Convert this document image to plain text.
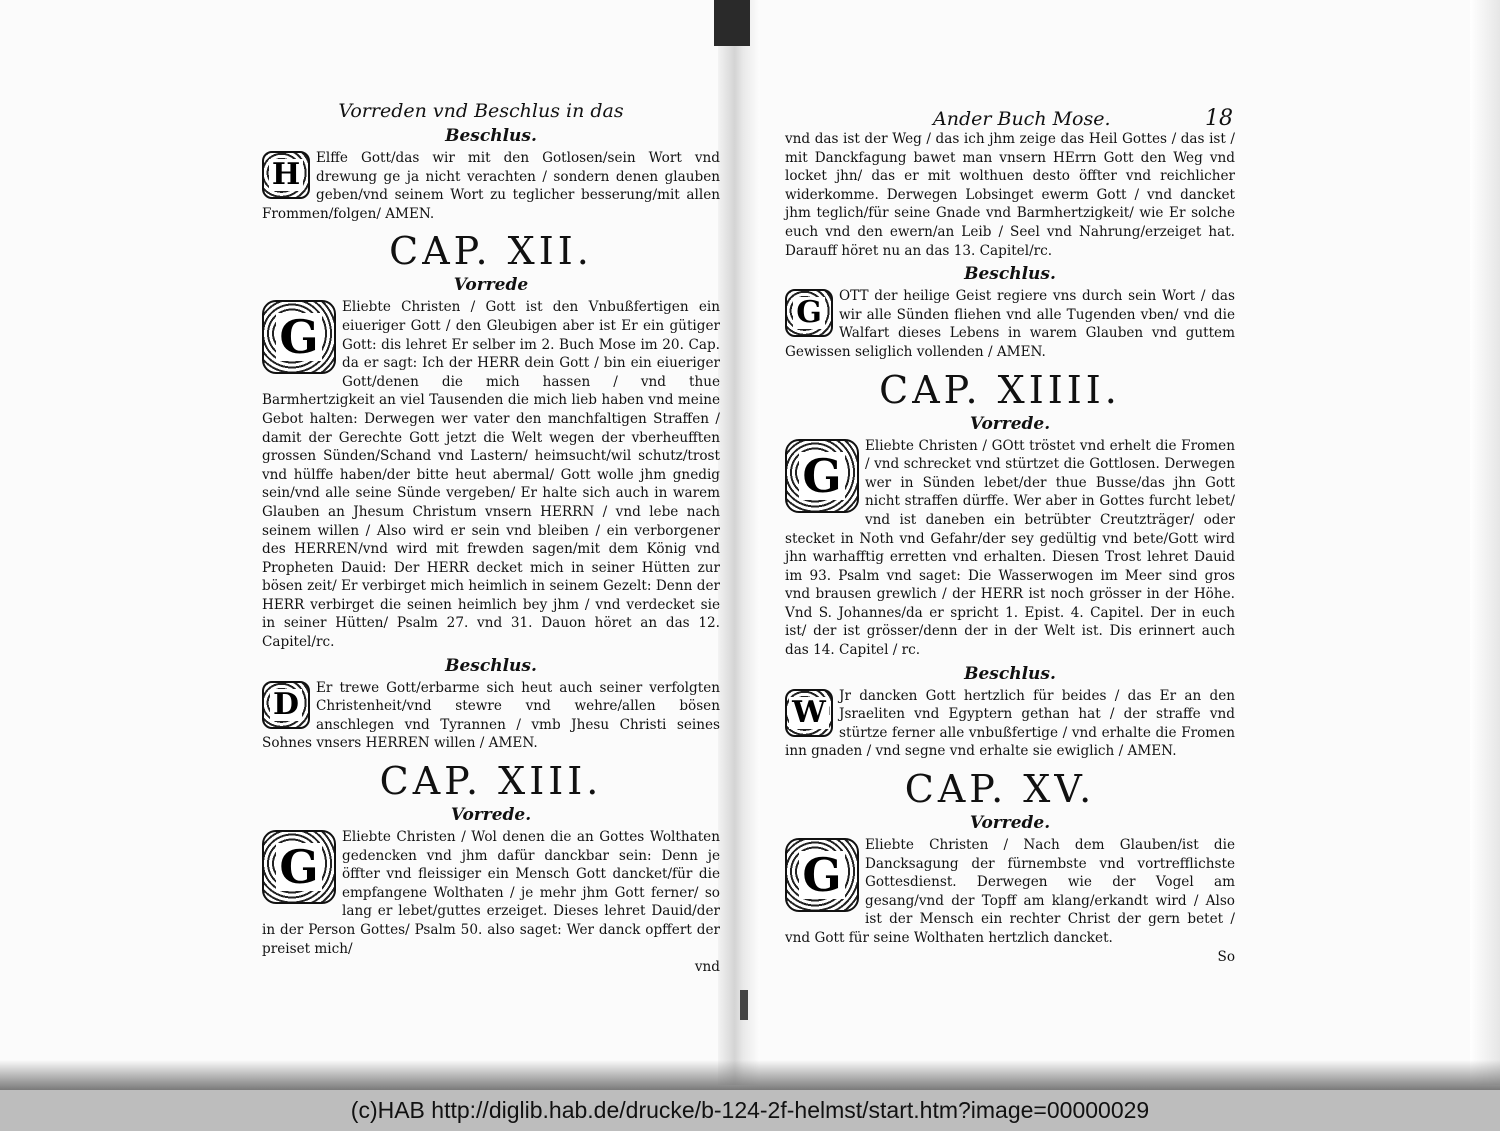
Vorreden vnd Beschlus in das
Beschlus.

H Elffe Gott/das wir mit den Gotlosen/sein Wort vnd drewung ge ja nicht verachten / sondern denen glauben geben/vnd seinem Wort zu teglicher besserung/mit allen Frommen/folgen/ AMEN.

CAP. XII.
Vorrede

G
Eliebte Christen / Gott ist den Vnbußfertigen ein eiueriger Gott / den Gleubigen aber ist Er ein gütiger Gott: dis lehret Er selber im 2. Buch Mose im 20. Cap. da er sagt: Ich der HERR dein Gott / bin ein eiueriger Gott/denen die mich hassen / vnd thue Barmhertzigkeit an viel Tausenden die mich lieb haben vnd meine Gebot halten: Derwegen wer vater den manchfaltigen Straffen / damit der Gerechte Gott jetzt die Welt wegen der vberheufften grossen Sünden/Schand vnd Lastern/ heimsucht/wil schutz/trost vnd hülffe haben/der bitte heut abermal/ Gott wolle jhm gnedig sein/vnd alle seine Sünde vergeben/ Er halte sich auch in warem Glauben an Jhesum Christum vnsern HERRN / vnd lebe nach seinem willen / Also wird er sein vnd bleiben / ein verborgener des HERREN/vnd wird mit frewden sagen/mit dem König vnd Propheten Dauid: Der HERR decket mich in seiner Hütten zur bösen zeit/ Er verbirget mich heimlich in seinem Gezelt: Denn der HERR verbirget die seinen heimlich bey jhm / vnd verdecket sie in seiner Hütten/ Psalm 27. vnd 31. Dauon höret an das 12. Capitel/rc.

Beschlus.

D Er trewe Gott/erbarme sich heut auch seiner verfolgten Christenheit/vnd stewre vnd wehre/allen bösen anschlegen vnd Tyrannen / vmb Jhesu Christi seines Sohnes vnsers HERREN willen / AMEN.

CAP. XIII.
Vorrede.

G
Eliebte Christen / Wol denen die an Gottes Wolthaten gedencken vnd jhm dafür danckbar sein: Denn je öffter vnd fleissiger ein Mensch Gott dancket/für die empfangene Wolthaten / je mehr jhm Gott ferner/ so lang er lebet/guttes erzeiget. Dieses lehret Dauid/der in der Person Gottes/ Psalm 50. also saget: Wer danck opffert der preiset mich/

vnd

Ander Buch Mose.	18

vnd das ist der Weg / das ich jhm zeige das Heil Gottes / das ist / mit Danckfagung bawet man vnsern HErrn Gott den Weg vnd locket jhn/ das er mit wolthuen desto öffter vnd reichlicher widerkomme. Derwegen Lobsinget ewerm Gott / vnd dancket jhm teglich/für seine Gnade vnd Barmhertzigkeit/ wie Er solche euch vnd den ewern/an Leib / Seel vnd Nahrung/erzeiget hat. Darauff höret nu an das 13. Capitel/rc.

Beschlus.

G OTT der heilige Geist regiere vns durch sein Wort / das wir alle Sünden fliehen vnd alle Tugenden vben/ vnd die Walfart dieses Lebens in warem Glauben vnd guttem Gewissen seliglich vollenden / AMEN.

CAP. XIIII.
Vorrede.

G
Eliebte Christen / GOtt tröstet vnd erhelt die Fromen / vnd schrecket vnd stürtzet die Gottlosen. Derwegen wer in Sünden lebet/der thue Busse/das jhn Gott nicht straffen dürffe. Wer aber in Gottes furcht lebet/ vnd ist daneben ein betrübter Creutzträger/ oder stecket in Noth vnd Gefahr/der sey gedültig vnd bete/Gott wird jhn warhafftig erretten vnd erhalten. Diesen Trost lehret Dauid im 93. Psalm vnd saget: Die Wasserwogen im Meer sind gros vnd brausen grewlich / der HERR ist noch grösser in der Höhe. Vnd S. Johannes/da er spricht 1. Epist. 4. Capitel. Der in euch ist/ der ist grösser/denn der in der Welt ist. Dis erinnert auch das 14. Capitel / rc.

Beschlus.

W Jr dancken Gott hertzlich für beides / das Er an den Jsraeliten vnd Egyptern gethan hat / der straffe vnd stürtze ferner alle vnbußfertige / vnd erhalte die Fromen inn gnaden / vnd segne vnd erhalte sie ewiglich / AMEN.

CAP. XV.
Vorrede.

G
Eliebte Christen / Nach dem Glauben/ist die Dancksagung der fürnembste vnd vortrefflichste Gottesdienst. Derwegen wie der Vogel am gesang/vnd der Topff am klang/erkandt wird / Also ist der Mensch ein rechter Christ der gern betet / vnd Gott für seine Wolthaten hertzlich dancket.

So

(c)HAB http://diglib.hab.de/drucke/b-124-2f-helmst/start.htm?image=00000029
